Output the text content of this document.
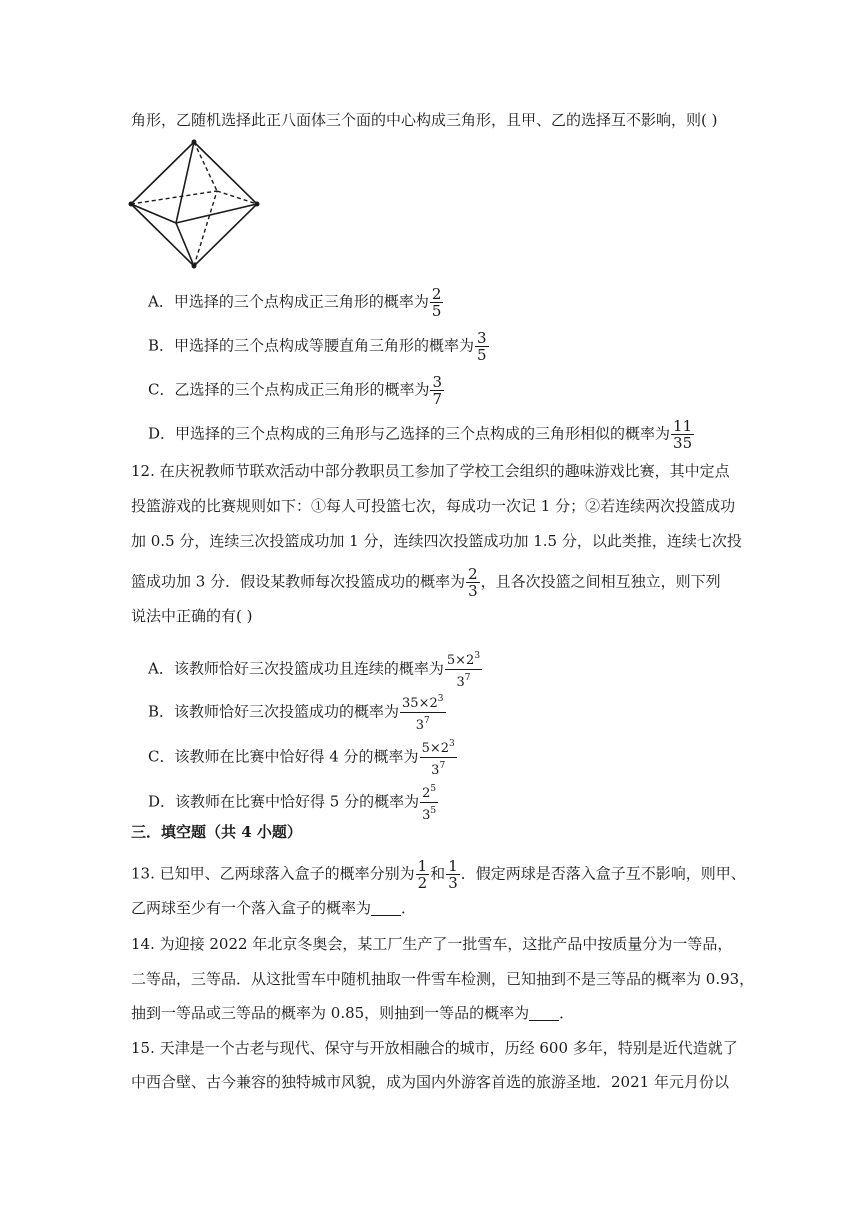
角形，乙随机选择此正八面体三个面的中心构成三角形，且甲、乙的选择互不影响，则( )
A．甲选择的三个点构成正三角形的概率为 $\frac{2}{5}$
B．甲选择的三个点构成等腰直角三角形的概率为 $\frac{3}{5}$
C．乙选择的三个点构成正三角形的概率为 $\frac{3}{7}$
D．甲选择的三个点构成的三角形与乙选择的三个点构成的三角形相似的概率为 $\frac{11}{35}$
12. 在庆祝教师节联欢活动中部分教职员工参加了学校工会组织的趣味游戏比赛，其中定点
投篮游戏的比赛规则如下：①每人可投篮七次，每成功一次记 1 分；②若连续两次投篮成功
加 0.5 分，连续三次投篮成功加 1 分，连续四次投篮成功加 1.5 分，以此类推，连续七次投
篮成功加 3 分．假设某教师每次投篮成功的概率为 $\frac{2}{3}$ ，且各次投篮之间相互独立，则下列
说法中正确的有( )
A．该教师恰好三次投篮成功且连续的概率为 $\frac{5\times 2^3}{3^7}$
B．该教师恰好三次投篮成功的概率为 $\frac{35\times 2^3}{3^7}$
C．该教师在比赛中恰好得 4 分的概率为 $\frac{5\times 2^3}{3^7}$
D．该教师在比赛中恰好得 5 分的概率为 $\frac{2^5}{3^5}$
三．填空题（共 4 小题）
13. 已知甲、乙两球落入盒子的概率分别为 $\frac{1}{2}$ 和 $\frac{1}{3}$ ．假定两球是否落入盒子互不影响，则甲、
乙两球至少有一个落入盒子的概率为 ．
14. 为迎接 2022 年北京冬奥会，某工厂生产了一批雪车，这批产品中按质量分为一等品，
二等品，三等品．从这批雪车中随机抽取一件雪车检测，已知抽到不是三等品的概率为 0.93，
抽到一等品或三等品的概率为 0.85，则抽到一等品的概率为 ．
15. 天津是一个古老与现代、保守与开放相融合的城市，历经 600 多年，特别是近代造就了
中西合壁、古今兼容的独特城市风貌，成为国内外游客首选的旅游圣地．2021 年元月份以
